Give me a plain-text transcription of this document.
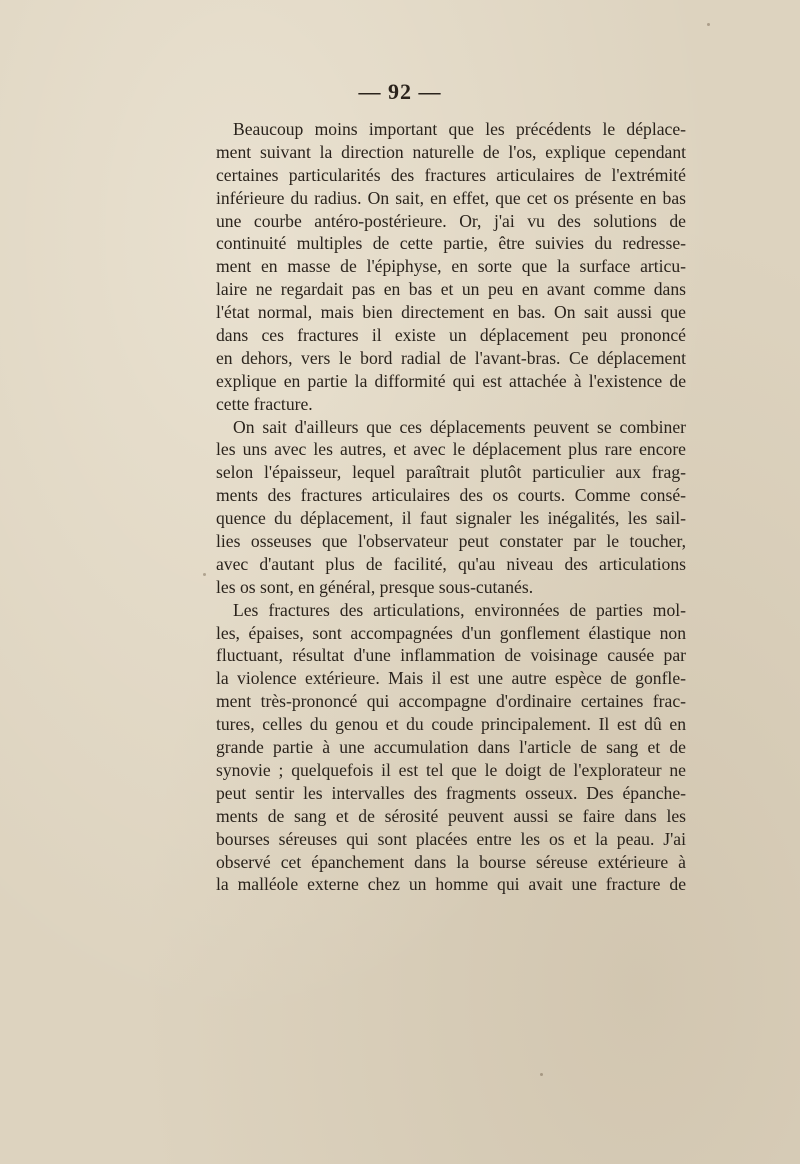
— 92 —
Beaucoup moins important que les précédents le déplace-
ment suivant la direction naturelle de l'os, explique cependant
certaines particularités des fractures articulaires de l'extrémité
inférieure du radius. On sait, en effet, que cet os présente en bas
une courbe antéro-postérieure. Or, j'ai vu des solutions de
continuité multiples de cette partie, être suivies du redresse-
ment en masse de l'épiphyse, en sorte que la surface articu-
laire ne regardait pas en bas et un peu en avant comme dans
l'état normal, mais bien directement en bas. On sait aussi que
dans ces fractures il existe un déplacement peu prononcé
en dehors, vers le bord radial de l'avant-bras. Ce déplacement
explique en partie la difformité qui est attachée à l'existence de
cette fracture.
On sait d'ailleurs que ces déplacements peuvent se combiner
les uns avec les autres, et avec le déplacement plus rare encore
selon l'épaisseur, lequel paraîtrait plutôt particulier aux frag-
ments des fractures articulaires des os courts. Comme consé-
quence du déplacement, il faut signaler les inégalités, les sail-
lies osseuses que l'observateur peut constater par le toucher,
avec d'autant plus de facilité, qu'au niveau des articulations
les os sont, en général, presque sous-cutanés.
Les fractures des articulations, environnées de parties mol-
les, épaises, sont accompagnées d'un gonflement élastique non
fluctuant, résultat d'une inflammation de voisinage causée par
la violence extérieure. Mais il est une autre espèce de gonfle-
ment très-prononcé qui accompagne d'ordinaire certaines frac-
tures, celles du genou et du coude principalement. Il est dû en
grande partie à une accumulation dans l'article de sang et de
synovie ; quelquefois il est tel que le doigt de l'explorateur ne
peut sentir les intervalles des fragments osseux. Des épanche-
ments de sang et de sérosité peuvent aussi se faire dans les
bourses séreuses qui sont placées entre les os et la peau. J'ai
observé cet épanchement dans la bourse séreuse extérieure à
la malléole externe chez un homme qui avait une fracture de
